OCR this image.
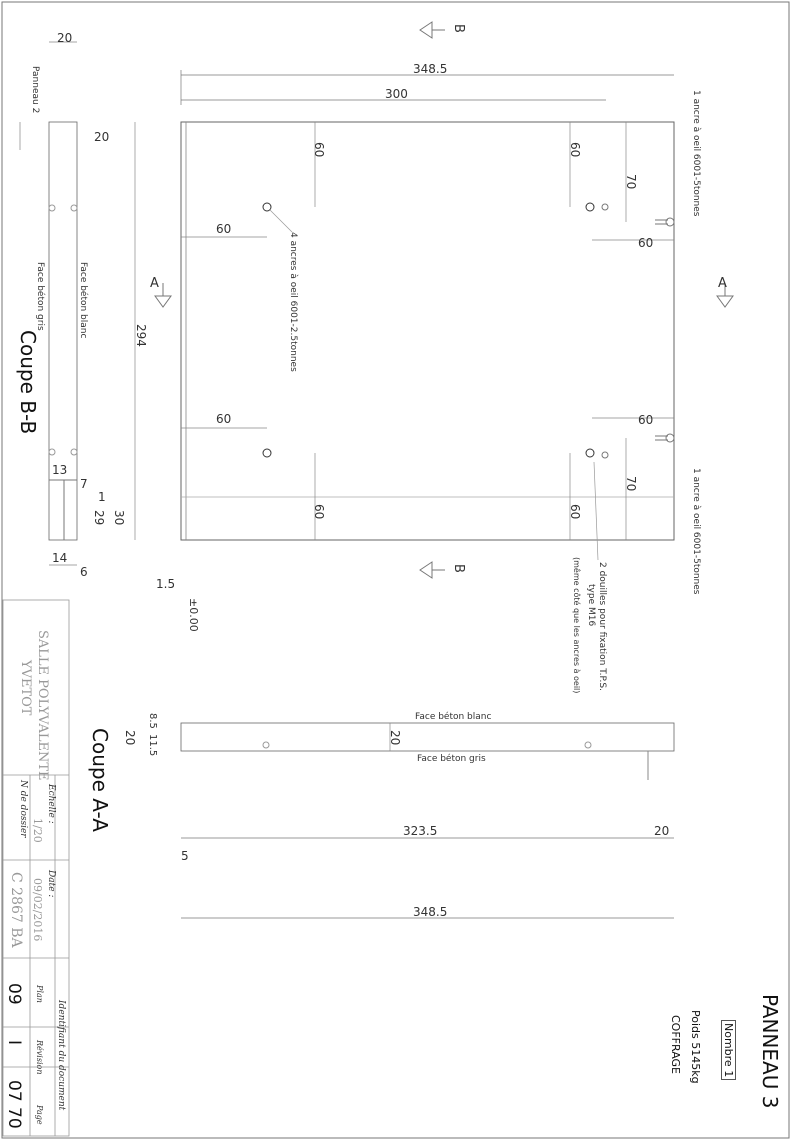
20
348.5
300
B
B
A	A
60	60
70
60
60
60	60
70
60	60
4 ancres à oeil 6001-2.5tonnes
1 ancre à oeil 6001-5tonnes
1 ancre à oeil 6001-5tonnes
2 douilles pour fixation T.P.S.
type M16
(même côté que les ancres à oeil)
Panneau 2
Face béton gris	Face béton blanc
Coupe B-B
20
294
13
7
1
29 30
14
6
1.5
±0.00
Coupe A-A
Face béton blanc
Face béton gris
8.5
11.5
20	20
323.5	20
5
348.5
PANNEAU 3
Nombre 1
Poids 5145kg
COFFRAGE
SALLE POLYVALENTE
YVETOT
Echelle :
1/20
Date :
09/02/2016
N de dossier
C 2867 BA
Identifiant du document
Plan
09
Révision
I
Page
07 70
